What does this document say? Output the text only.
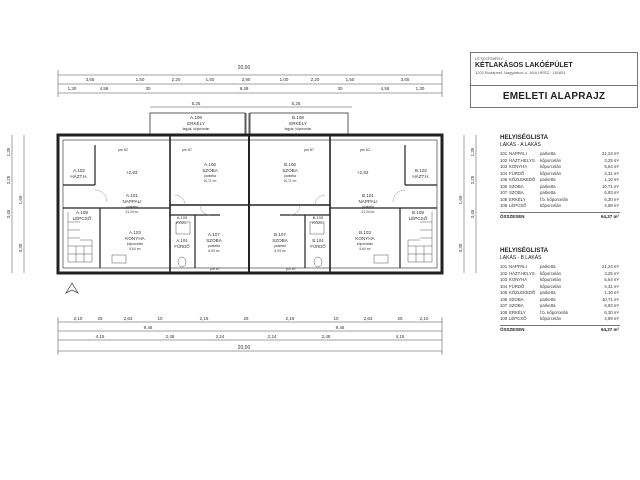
20,00
3,65	1,50	2,20	1,50	2,90	1,00	2,20	1,50	3,65
1,30	4,58	30	9,48	30	4,58	1,30
5,25	5,25
A.108
ERKÉLY
fagyál. kőporcelán
B.108
ERKÉLY
fagyál. kőporcelán
A.102
HÁZT.H.
A.106
SZOBA
parketta
10,71 m²
B.106
SZOBA
parketta
10,71 m²
B.102
HÁZT.H.
A.101
NAPPALI
parketta
21,24 m²
B.101
NAPPALI
parketta
21,24 m²
A.109
LÉPCSŐ
B.109
LÉPCSŐ
A.105
KÖZL.
B.105
KÖZL.
A.103
KONYHA
kőporcelán
5,64 m²
A.104
FÜRDŐ
A.107
SZOBA
parketta
6,93 m²
B.107
SZOBA
parketta
6,93 m²
B.104
FÜRDŐ
B.103
KONYHA
kőporcelán
5,64 m²
+2,93	+2,93
pm 62	pm 87
pm 87
pm 62
pm 87
pm 87
1,35
2,25
3,45
1,60
3,30
1,35
2,25
3,45
1,60
3,30
2,10	25	2,63	10	2,19	25	2,19	10	2,63	25	2,10
9,48	9,48
4,15	2,48	2,24	2,24	2,48	4,15
20,00
LÉTESÍTMÉNY:
KÉTLAKÁSOS LAKÓÉPÜLET
1202 Budapest, Nagyarboc u. 18/A HRSZ.: 181651
EMELETI ALAPRAJZ
HELYISÉGLISTA
LAKÁS - A LAKÁS
101 NAPPALI	parketta	21,24 m²
102 HÁZT.HELYS. kőporcelán	3,25 m²
103 KONYHA	kőporcelán	5,64 m²
104 FÜRDŐ	kőporcelán	4,31 m²
105 KÖZLEKEDŐ	parketta	1,10 m²
106 SZOBA	parketta	10,71 m²
107 SZOBA	parketta	6,93 m²
108 ERKÉLY	f.b. kőporcelán	6,30 m²
109 LÉPCSŐ	kőporcelán	4,89 m²
ÖSSZESEN	64,37 m²
HELYISÉGLISTA
LAKÁS - B LAKÁS
101 NAPPALI	parketta	21,24 m²
102 HÁZT.HELYS. kőporcelán	3,25 m²
103 KONYHA	kőporcelán	5,64 m²
104 FÜRDŐ	kőporcelán	4,31 m²
105 KÖZLEKEDŐ	parketta	1,10 m²
106 SZOBA	parketta	10,71 m²
107 SZOBA	parketta	6,93 m²
108 ERKÉLY	f.b. kőporcelán	6,30 m²
109 LÉPCSŐ	kőporcelán	4,89 m²
ÖSSZESEN	64,37 m²
